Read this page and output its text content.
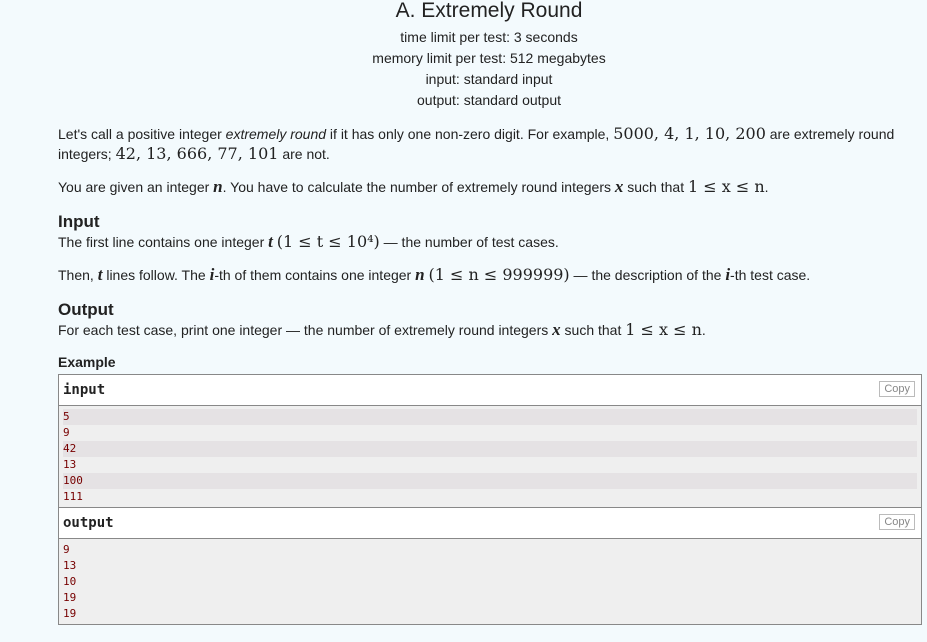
A. Extremely Round
time limit per test: 3 seconds
memory limit per test: 512 megabytes
input: standard input
output: standard output

Let's call a positive integer extremely round if it has only one non-zero digit. For example, 5000, 4, 1, 10, 200 are extremely round integers; 42, 13, 666, 77, 101 are not.

You are given an integer n. You have to calculate the number of extremely round integers x such that 1 ≤ x ≤ n.

Input

The first line contains one integer t (1 ≤ t ≤ 10⁴) — the number of test cases.

Then, t lines follow. The i-th of them contains one integer n (1 ≤ n ≤ 999999) — the description of the i-th test case.

Output

For each test case, print one integer — the number of extremely round integers x such that 1 ≤ x ≤ n.

Example
input	Copy
5
9
42
13
100
111
output	Copy
9
13
10
19
19
